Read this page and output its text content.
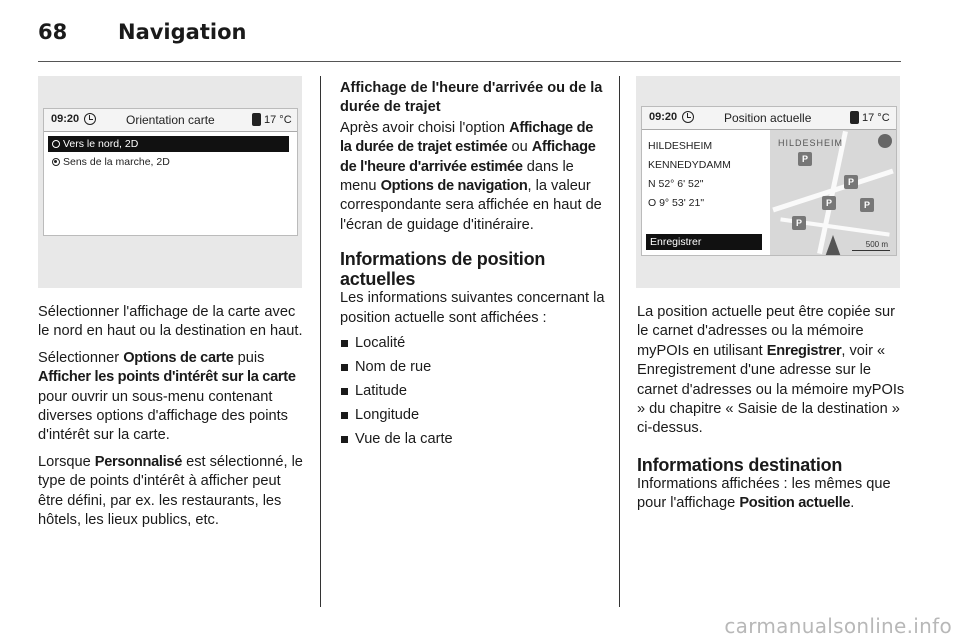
68 Navigation
09:20	Orientation carte	17 °C
Vers le nord, 2D
Sens de la marche, 2D

Sélectionner l'affichage de la carte avec le nord en haut ou la destination en haut.

Sélectionner Options de carte puis Afficher les points d'intérêt sur la carte pour ouvrir un sous-menu contenant diverses options d'affichage des points d'intérêt sur la carte.

Lorsque Personnalisé est sélectionné, le type de points d'intérêt à afficher peut être défini, par ex. les restaurants, les hôtels, les lieux publics, etc.

Affichage de l'heure d'arrivée ou de la durée de trajet

Après avoir choisi l'option Affichage de la durée de trajet estimée ou Affichage de l'heure d'arrivée estimée dans le menu Options de navigation, la valeur correspondante sera affichée en haut de l'écran de guidage d'itinéraire.

Informations de position actuelles

Les informations suivantes concernant la position actuelle sont affichées :

Localité
Nom de rue
Latitude
Longitude
Vue de la carte
09:20	Position actuelle	17 °C
HILDESHEIM
KENNEDYDAMM
N 52° 6' 52"
O 9° 53' 21"
Enregistrer
HILDESHEIM
P
P
P	P
P
500 m

La position actuelle peut être copiée sur le carnet d'adresses ou la mémoire myPOIs en utilisant Enregistrer, voir « Enregistrement d'une adresse sur le carnet d'adresses ou la mémoire myPOIs » du chapitre « Saisie de la destination » ci-dessus.

Informations destination

Informations affichées : les mêmes que pour l'affichage Position actuelle.

carmanualsonline.info
